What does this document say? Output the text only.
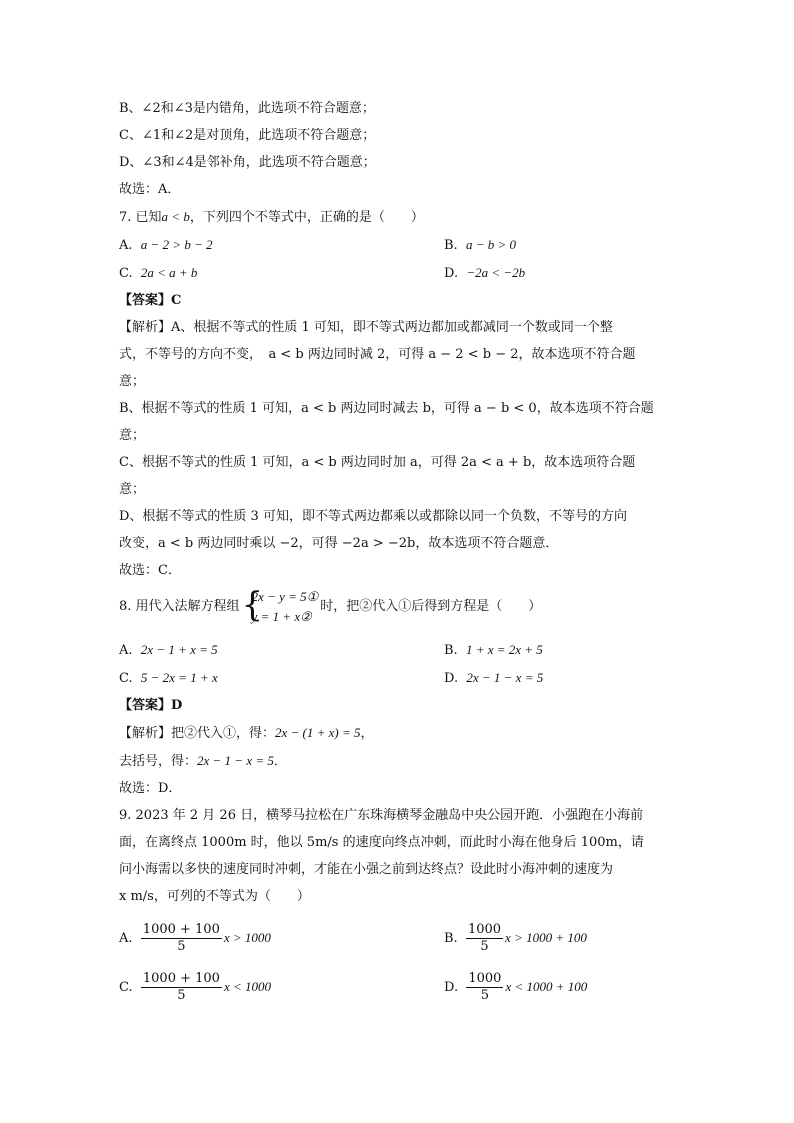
B、∠2和∠3是内错角，此选项不符合题意；
C、∠1和∠2是对顶角，此选项不符合题意；
D、∠3和∠4是邻补角，此选项不符合题意；
故选：A．
7. 已知a < b，下列四个不等式中，正确的是（　　）
A. a − 2 > b − 2	B. a − b > 0
C. 2a < a + b	D. −2a < −2b
【答案】C
【解析】A、根据不等式的性质 1 可知，即不等式两边都加或都减同一个数或同一个整
式，不等号的方向不变，　a < b 两边同时减 2，可得 a − 2 < b − 2，故本选项不符合题
意；
B、根据不等式的性质 1 可知，a < b 两边同时减去 b，可得 a − b < 0，故本选项不符合题
意；
C、根据不等式的性质 1 可知，a < b 两边同时加 a，可得 2a < a + b，故本选项符合题
意；
D、根据不等式的性质 3 可知，即不等式两边都乘以或都除以同一个负数，不等号的方向
改变，a < b 两边同时乘以 −2，可得 −2a > −2b，故本选项不符合题意．
故选：C．
8. 用代入法解方程组 {
2x − y = 5①
y = 1 + x②
时，把②代入①后得到方程是（　　）
A. 2x − 1 + x = 5	B. 1 + x = 2x + 5
C. 5 − 2x = 1 + x	D. 2x − 1 − x = 5
【答案】D
【解析】把②代入①，得：2x − (1 + x) = 5，
去括号，得：2x − 1 − x = 5．
故选：D．
9. 2023 年 2 月 26 日，横琴马拉松在广东珠海横琴金融岛中央公园开跑．小强跑在小海前
面，在离终点 1000m 时，他以 5m/s 的速度向终点冲刺，而此时小海在他身后 100m，请
问小海需以多快的速度同时冲刺，才能在小强之前到达终点？设此时小海冲刺的速度为
x m/s，可列的不等式为（　　）
A. $\frac{1000 + 100}{5}$ x > 1000	B. $\frac{1000}{5}$ x > 1000 + 100
C. $\frac{1000 + 100}{5}$ x < 1000	D. $\frac{1000}{5}$ x < 1000 + 100
